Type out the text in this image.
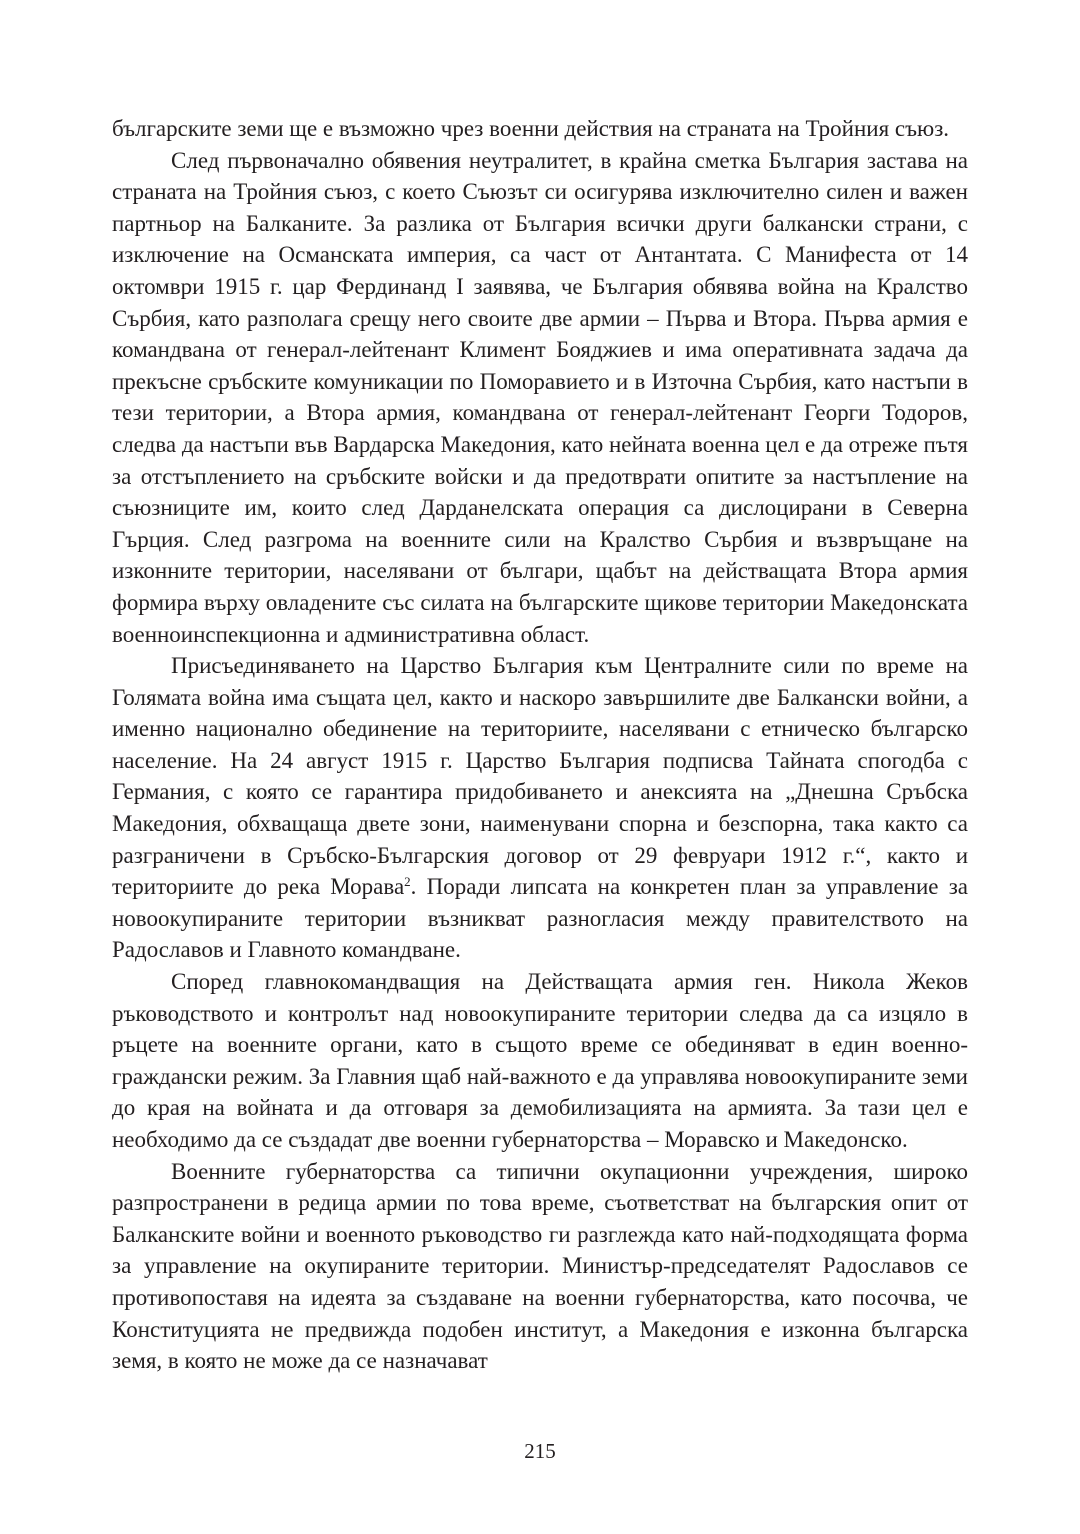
българските земи ще е възможно чрез военни действия на страната на Тройния съюз.

След първоначално обявения неутралитет, в крайна сметка България застава на страната на Тройния съюз, с което Съюзът си осигурява изключително силен и важен партньор на Балканите. За разлика от България всички други балкански страни, с изключение на Османската империя, са част от Антантата. С Манифеста от 14 октомври 1915 г. цар Фердинанд I заявява, че България обявява война на Кралство Сърбия, като разполага срещу него своите две армии – Първа и Втора. Първа армия е командвана от генерал-лейтенант Климент Бояджиев и има оперативната задача да прекъсне сръбските комуникации по Поморавието и в Източна Сърбия, като настъпи в тези територии, а Втора армия, командвана от генерал-лейтенант Георги Тодоров, следва да настъпи във Вардарска Македония, като нейната военна цел е да отреже пътя за отстъплението на сръбските войски и да предотврати опитите за настъпление на съюзниците им, които след Дарданелската операция са дислоцирани в Северна Гърция. След разгрома на военните сили на Кралство Сърбия и възвръщане на изконните територии, населявани от българи, щабът на действащата Втора армия формира върху овладените със силата на българските щикове територии Македонската военноинспекционна и административна област.

Присъединяването на Царство България към Централните сили по време на Голямата война има същата цел, както и наскоро завършилите две Балкански войни, а именно национално обединение на териториите, населявани с етническо българско население. На 24 август 1915 г. Царство България подписва Тайната спогодба с Германия, с която се гарантира придобиването и анексията на „Днешна Сръбска Македония, обхващаща двете зони, наименувани спорна и безспорна, така както са разграничени в Сръбско-Българския договор от 29 февруари 1912 г.“, както и териториите до река Морава$^2$. Поради липсата на конкретен план за управление за новоокупираните територии възникват разногласия между правителството на Радославов и Главното командване.

Според главнокомандващия на Действащата армия ген. Никола Жеков ръководството и контролът над новоокупираните територии следва да са изцяло в ръцете на военните органи, като в същото време се обединяват в един военно-граждански режим. За Главния щаб най-важното е да управлява новоокупираните земи до края на войната и да отговаря за демобилизацията на армията. За тази цел е необходимо да се създадат две военни губернаторства – Моравско и Македонско.

Военните губернаторства са типични окупационни учреждения, широко разпространени в редица армии по това време, съответстват на българския опит от Балканските войни и военното ръководство ги разглежда като най-подходящата форма за управление на окупираните територии. Министър-председателят Радославов се противопоставя на идеята за създаване на военни губернаторства, като посочва, че Конституцията не предвижда подобен институт, а Македония е изконна българска земя, в която не може да се назначават

215
